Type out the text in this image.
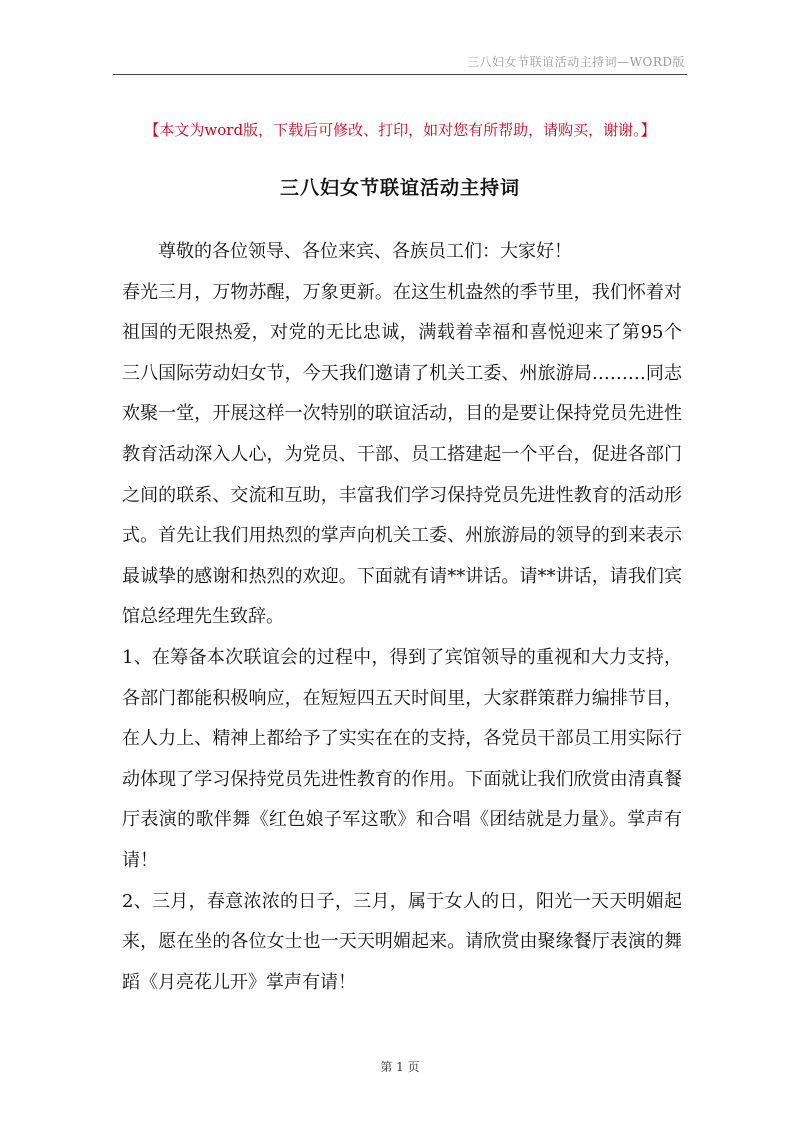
三八妇女节联谊活动主持词—WORD版
【本文为word版，下载后可修改、打印，如对您有所帮助，请购买，谢谢。】
三八妇女节联谊活动主持词

尊敬的各位领导、各位来宾、各族员工们：大家好！

春光三月，万物苏醒，万象更新。在这生机盎然的季节里，我们怀着对祖国的无限热爱，对党的无比忠诚，满载着幸福和喜悦迎来了第95个三八国际劳动妇女节，今天我们邀请了机关工委、州旅游局………同志欢聚一堂，开展这样一次特别的联谊活动，目的是要让保持党员先进性教育活动深入人心，为党员、干部、员工搭建起一个平台，促进各部门之间的联系、交流和互助，丰富我们学习保持党员先进性教育的活动形式。首先让我们用热烈的掌声向机关工委、州旅游局的领导的到来表示最诚挚的感谢和热烈的欢迎。下面就有请**讲话。请**讲话，请我们宾馆总经理先生致辞。

1、在筹备本次联谊会的过程中，得到了宾馆领导的重视和大力支持，各部门都能积极响应，在短短四五天时间里，大家群策群力编排节目，在人力上、精神上都给予了实实在在的支持，各党员干部员工用实际行动体现了学习保持党员先进性教育的作用。下面就让我们欣赏由清真餐厅表演的歌伴舞《红色娘子军这歌》和合唱《团结就是力量》。掌声有请！

2、三月，春意浓浓的日子，三月，属于女人的日，阳光一天天明媚起来，愿在坐的各位女士也一天天明媚起来。请欣赏由聚缘餐厅表演的舞蹈《月亮花儿开》掌声有请！

第 1 页
